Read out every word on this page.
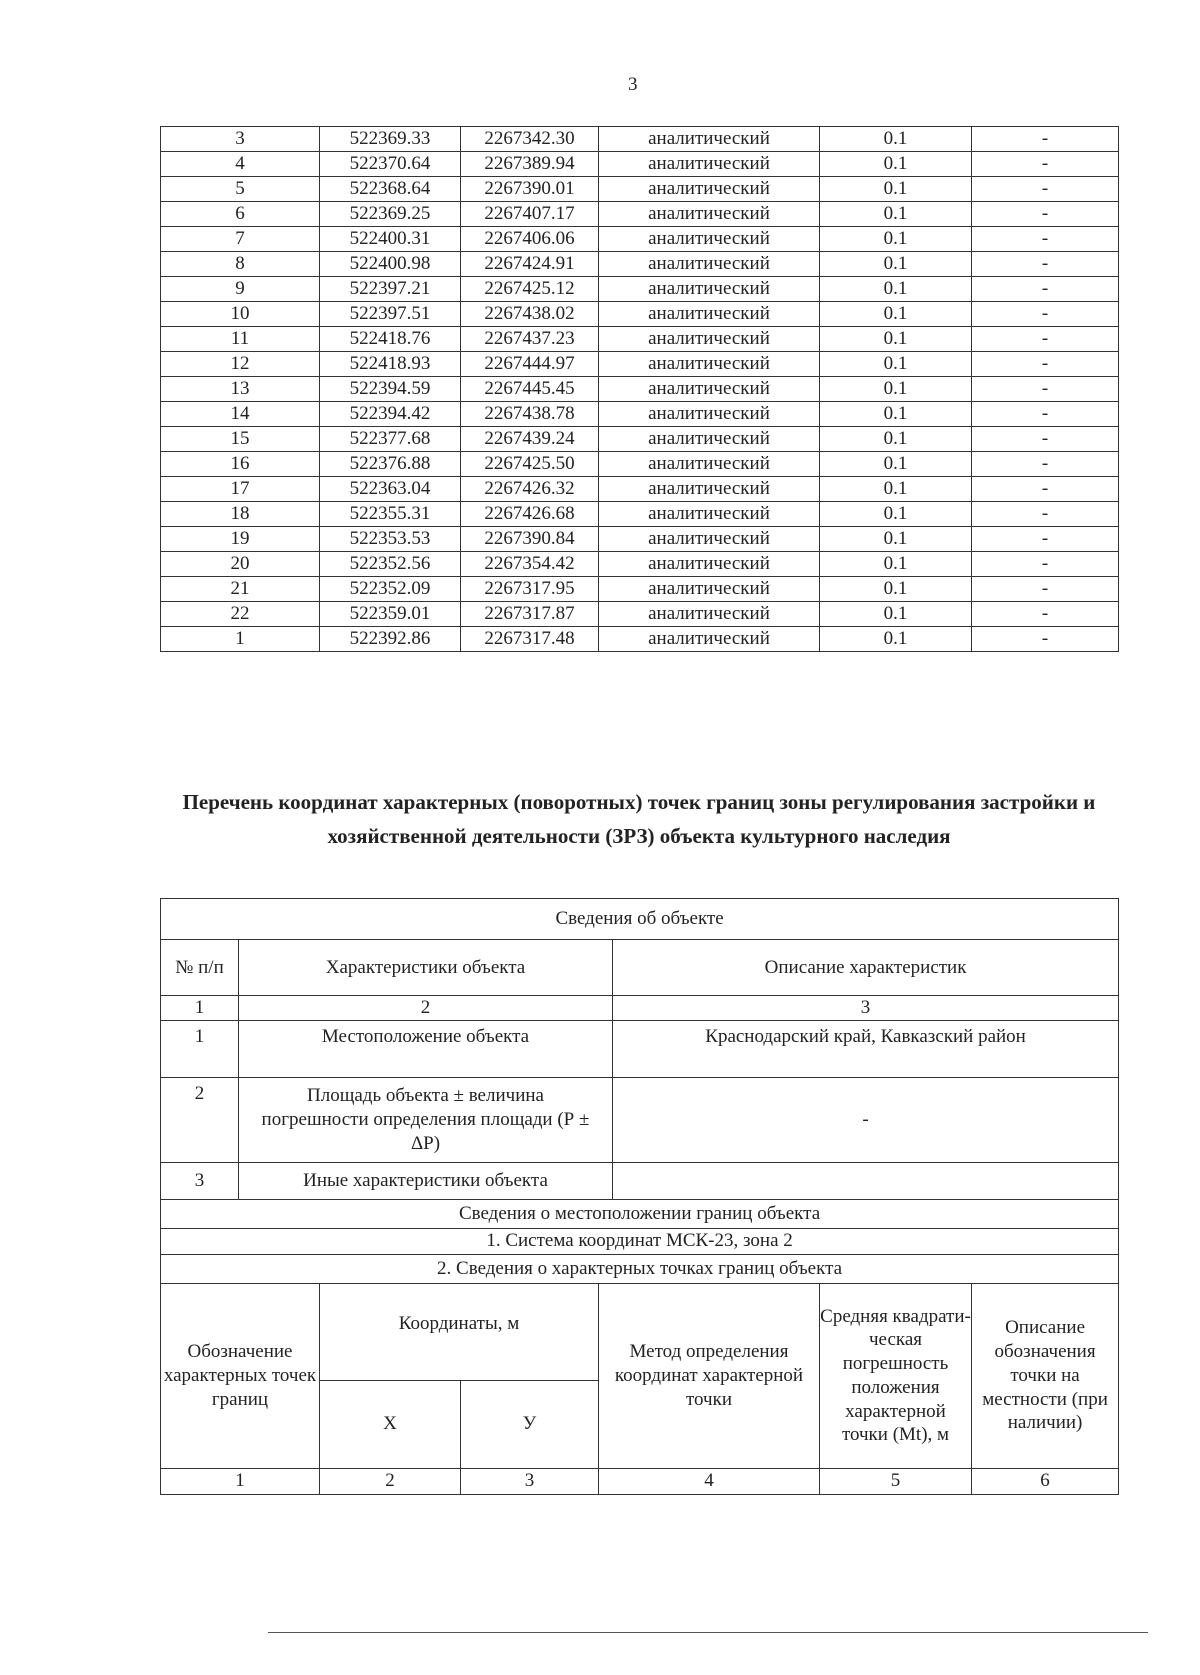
3
3	522369.33	2267342.30	аналитический	0.1	-
4	522370.64	2267389.94	аналитический	0.1	-
5	522368.64	2267390.01	аналитический	0.1	-
6	522369.25	2267407.17	аналитический	0.1	-
7	522400.31	2267406.06	аналитический	0.1	-
8	522400.98	2267424.91	аналитический	0.1	-
9	522397.21	2267425.12	аналитический	0.1	-
10	522397.51	2267438.02	аналитический	0.1	-
11	522418.76	2267437.23	аналитический	0.1	-
12	522418.93	2267444.97	аналитический	0.1	-
13	522394.59	2267445.45	аналитический	0.1	-
14	522394.42	2267438.78	аналитический	0.1	-
15	522377.68	2267439.24	аналитический	0.1	-
16	522376.88	2267425.50	аналитический	0.1	-
17	522363.04	2267426.32	аналитический	0.1	-
18	522355.31	2267426.68	аналитический	0.1	-
19	522353.53	2267390.84	аналитический	0.1	-
20	522352.56	2267354.42	аналитический	0.1	-
21	522352.09	2267317.95	аналитический	0.1	-
22	522359.01	2267317.87	аналитический	0.1	-
1	522392.86	2267317.48	аналитический	0.1	-
Перечень координат характерных (поворотных) точек границ зоны регулирования застройки и хозяйственной деятельности (ЗРЗ) объекта культурного наследия
Сведения об объекте							
№ п/п	Характеристики объекта				Описание характеристик		
1	2				3		
1	Местоположение объекта				Краснодарский край, Кавказский район		
2	Площадь объекта ± величина погрешности определения площади (Р ± ΔР)				-		
3	Иные характеристики объекта						
Сведения о местоположении границ объекта							
1. Система координат МСК-23, зона 2							
2. Сведения о характерных точках границ объекта							
Обозначение характерных точек границ		Координаты, м		Метод определения координат характерной точки		Средняя квадрати-ческая погрешность положения характерной точки (Mt), м	Описание обозначения точки на местности (при наличии)
		Х	У				
1		2	3	4		5	6
